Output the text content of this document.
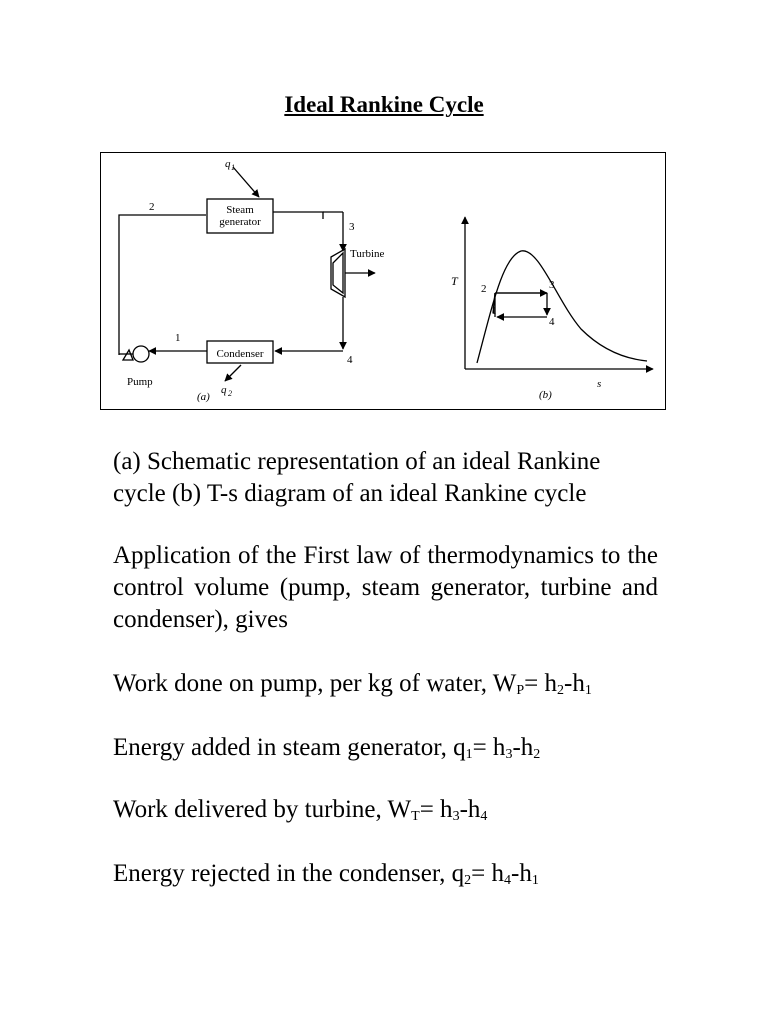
Ideal Rankine Cycle
q 1
Steam
generator
2
3
Turbine
1
Condenser	4
Pump
q 2
(a)
T
s
2	3
1
4
(b)
(a) Schematic representation of an ideal Rankine cycle (b) T-s diagram of an ideal Rankine cycle
Application of the First law of thermodynamics to the control volume (pump, steam generator, turbine and condenser), gives
Work done on pump, per kg of water, $W_P= h_2-h_1$
Energy added in steam generator, $q_1= h_3-h_2$
Work delivered by turbine, $W_T= h_3-h_4$
Energy rejected in the condenser, $q_2= h_4-h_1$
